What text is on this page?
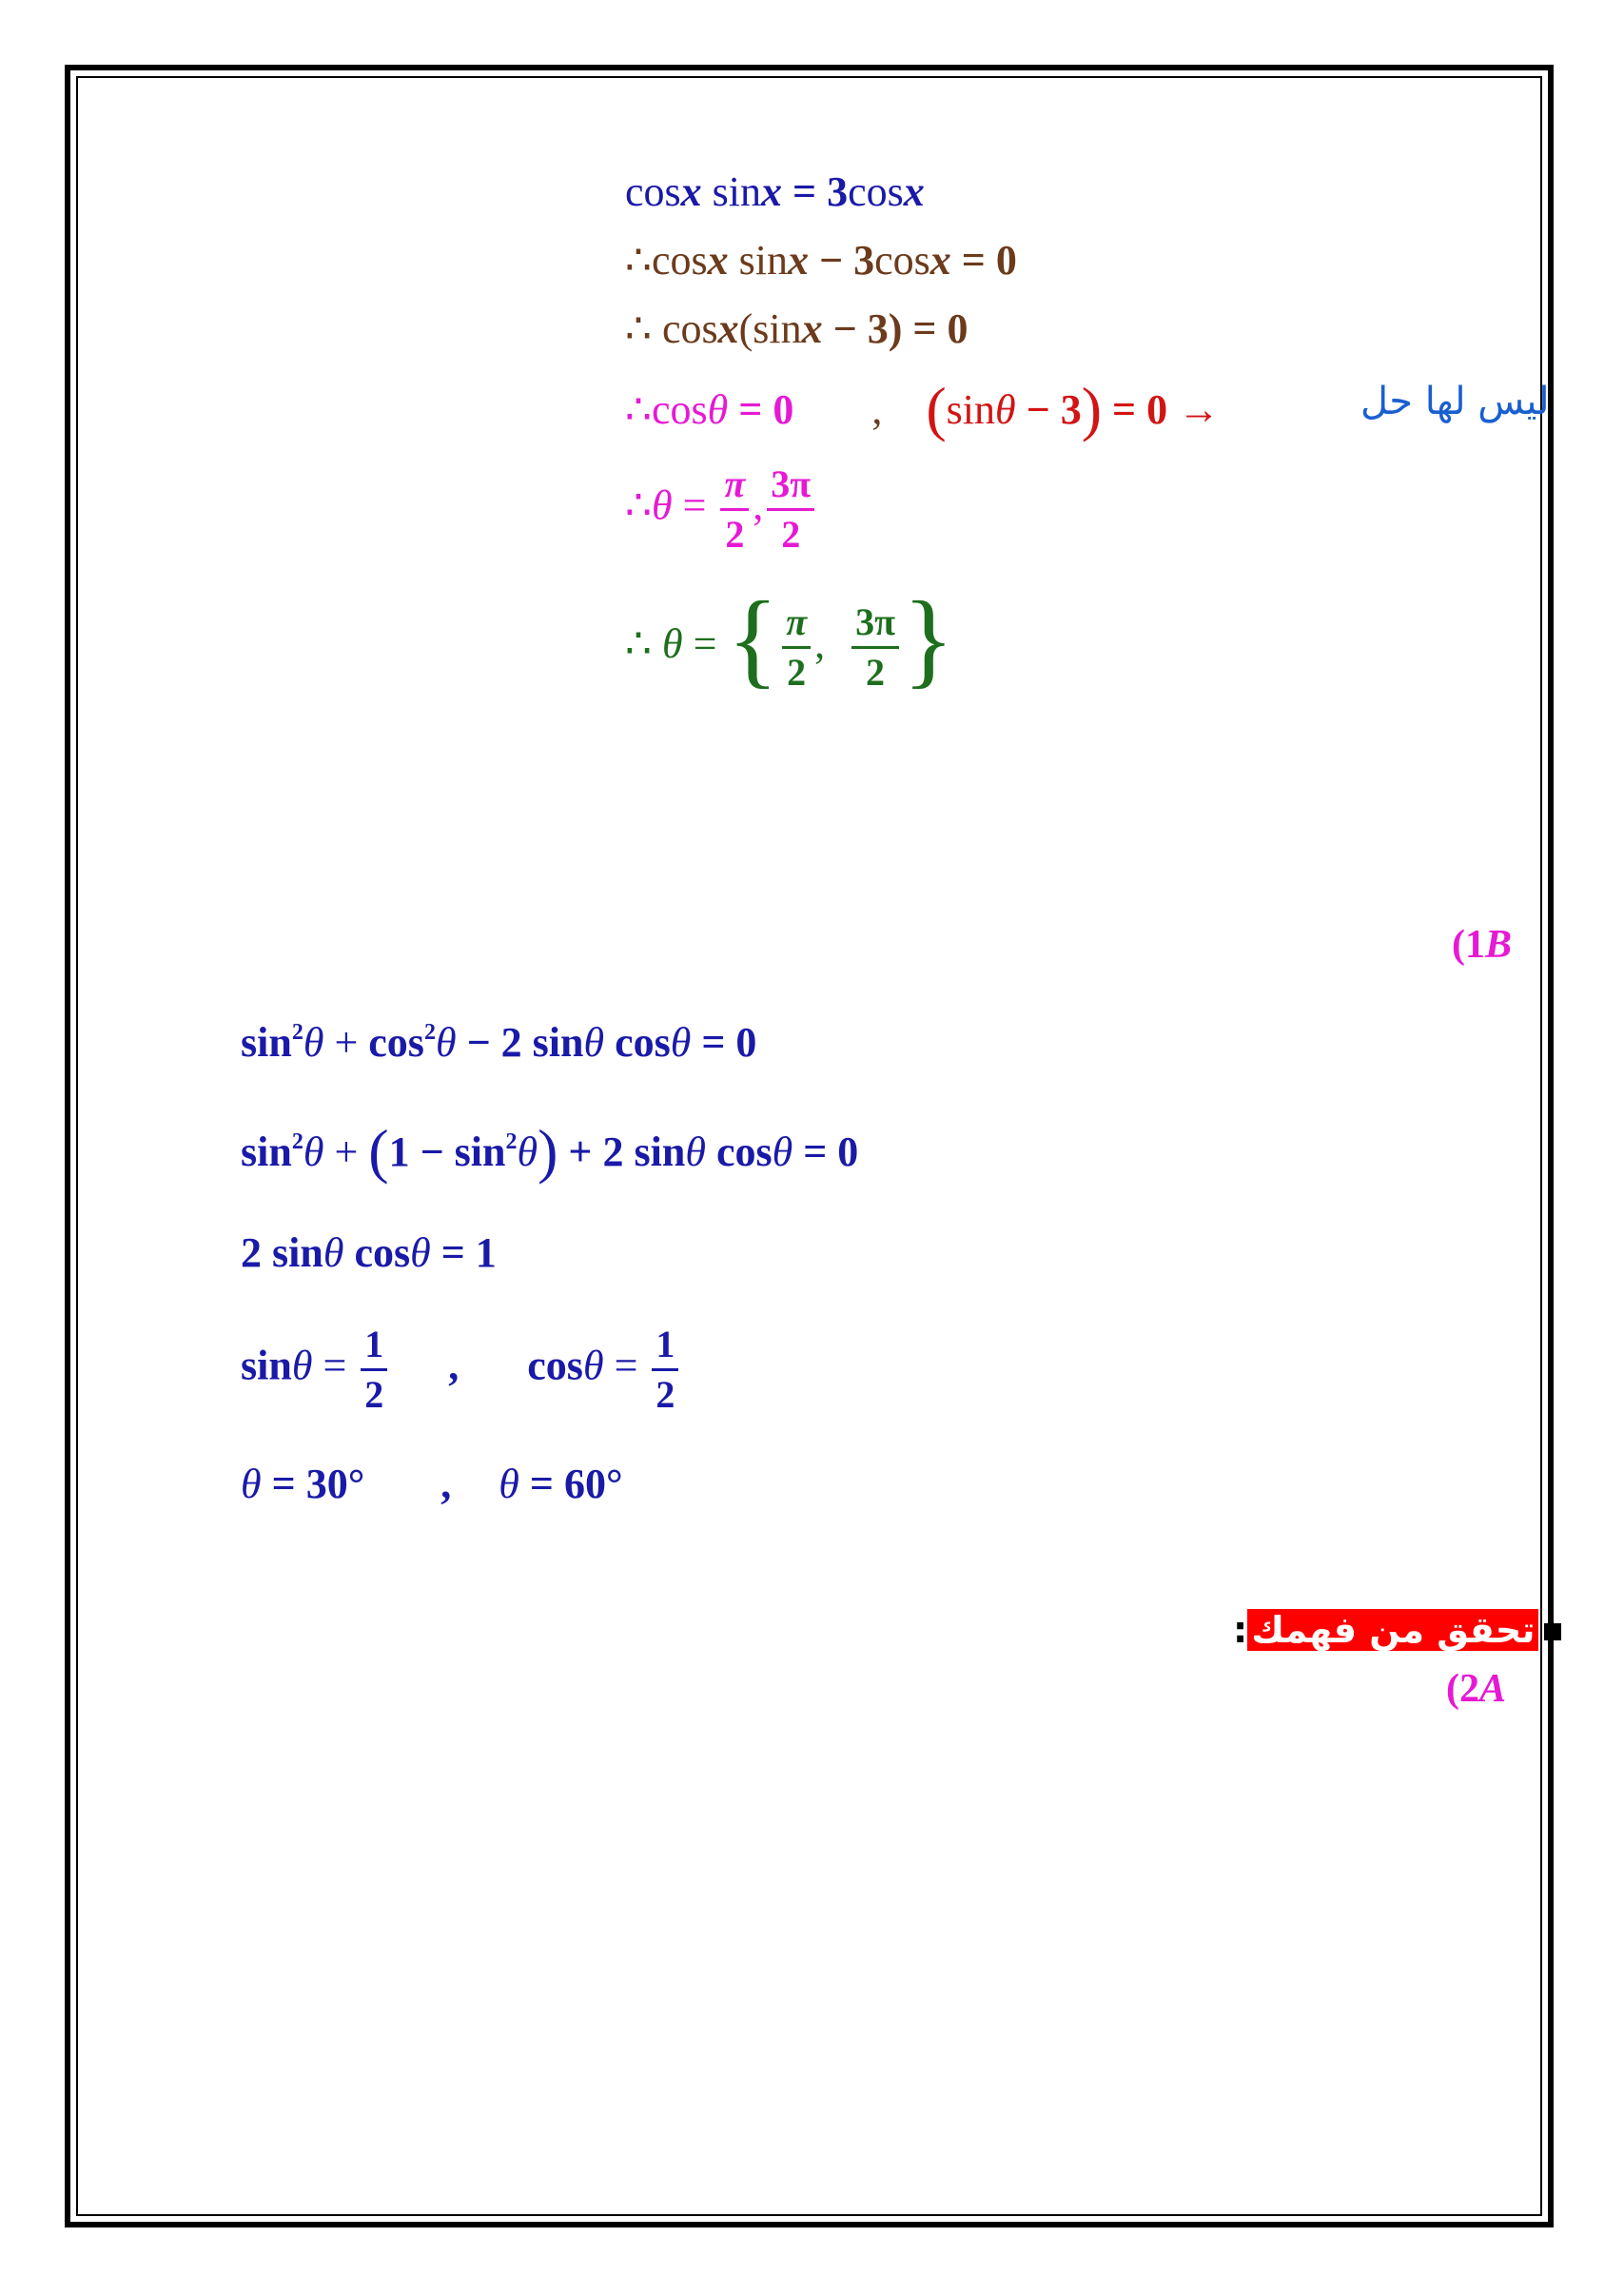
cosx sinx = 3cosx
∴cosx sinx − 3cosx = 0
∴ cosx(sinx − 3) = 0
∴cosθ = 0 , (sinθ − 3) = 0 →	ليس لها حل
∴θ = $\frac{\pi}{2}$ , $\frac{3\pi}{2}$
∴ θ = { $\frac{\pi}{2}$ , $\frac{3\pi}{2}$ }
(1B
$\sin^2\theta + \cos^2\theta - 2$ sinθ cosθ = 0
$\sin^2\theta + (1 - \sin^2\theta) + 2$ sinθ cosθ = 0
2 sinθ cosθ = 1
$\sin\theta = \frac{1}{2}$ , $\cos\theta = \frac{1}{2}$
θ = 30° , θ = 60°
تحقق من فهمك:
(2A
